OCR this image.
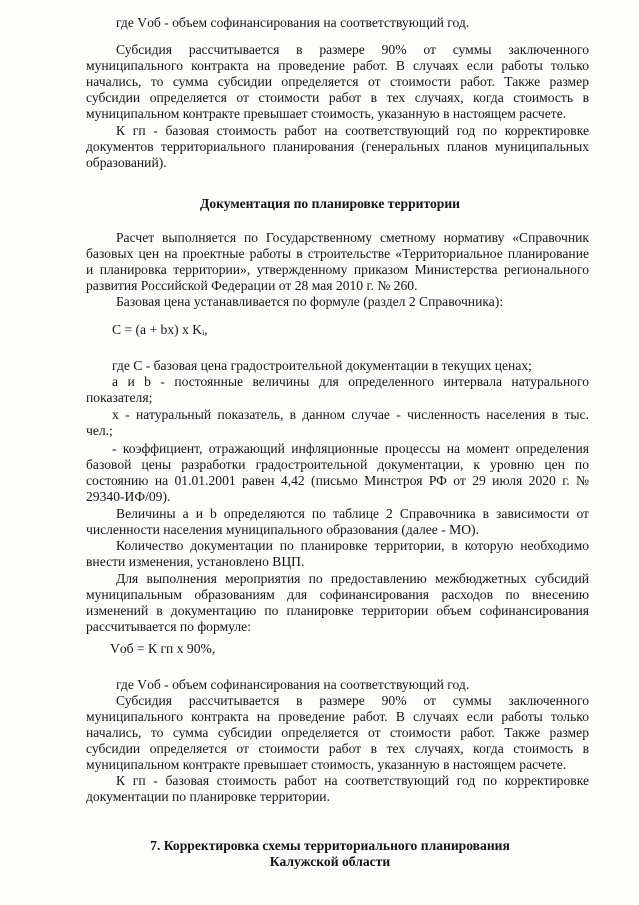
где Vоб - объем софинансирования на соответствующий год.
Субсидия рассчитывается в размере 90% от суммы заключенного
муниципального контракта на проведение работ. В случаях если работы только
начались, то сумма субсидии определяется от стоимости работ. Также размер
субсидии определяется от стоимости работ в тех случаях, когда стоимость в
муниципальном контракте превышает стоимость, указанную в настоящем расчете.
К гп - базовая стоимость работ на соответствующий год по корректировке
документов территориального планирования (генеральных планов муниципальных
образований).
Документация по планировке территории
Расчет выполняется по Государственному сметному нормативу «Справочник
базовых цен на проектные работы в строительстве «Территориальное планирование
и планировка территории», утвержденному приказом Министерства регионального
развития Российской Федерации от 28 мая 2010 г. № 260.
Базовая цена устанавливается по формуле (раздел 2 Справочника):
С = (а + bх) х Kᵢ,
где С - базовая цена градостроительной документации в текущих ценах;
а и b - постоянные величины для определенного интервала натурального
показателя;
х - натуральный показатель, в данном случае - численность населения в тыс.
чел.;
- коэффициент, отражающий инфляционные процессы на момент определения
базовой цены разработки градостроительной документации, к уровню цен по
состоянию на 01.01.2001 равен 4,42 (письмо Минстроя РФ от 29 июля 2020 г. №
29340-ИФ/09).
Величины а и b определяются по таблице 2 Справочника в зависимости от
численности населения муниципального образования (далее - МО).
Количество документации по планировке территории, в которую необходимо
внести изменения, установлено ВЦП.
Для выполнения мероприятия по предоставлению межбюджетных субсидий
муниципальным образованиям для софинансирования расходов по внесению
изменений в документацию по планировке территории объем софинансирования
рассчитывается по формуле:
Vоб = К гп х 90%,
где Vоб - объем софинансирования на соответствующий год.
Субсидия рассчитывается в размере 90% от суммы заключенного
муниципального контракта на проведение работ. В случаях если работы только
начались, то сумма субсидии определяется от стоимости работ. Также размер
субсидии определяется от стоимости работ в тех случаях, когда стоимость в
муниципальном контракте превышает стоимость, указанную в настоящем расчете.
К гп - базовая стоимость работ на соответствующий год по корректировке
документации по планировке территории.
7. Корректировка схемы территориального планирования
Калужской области
